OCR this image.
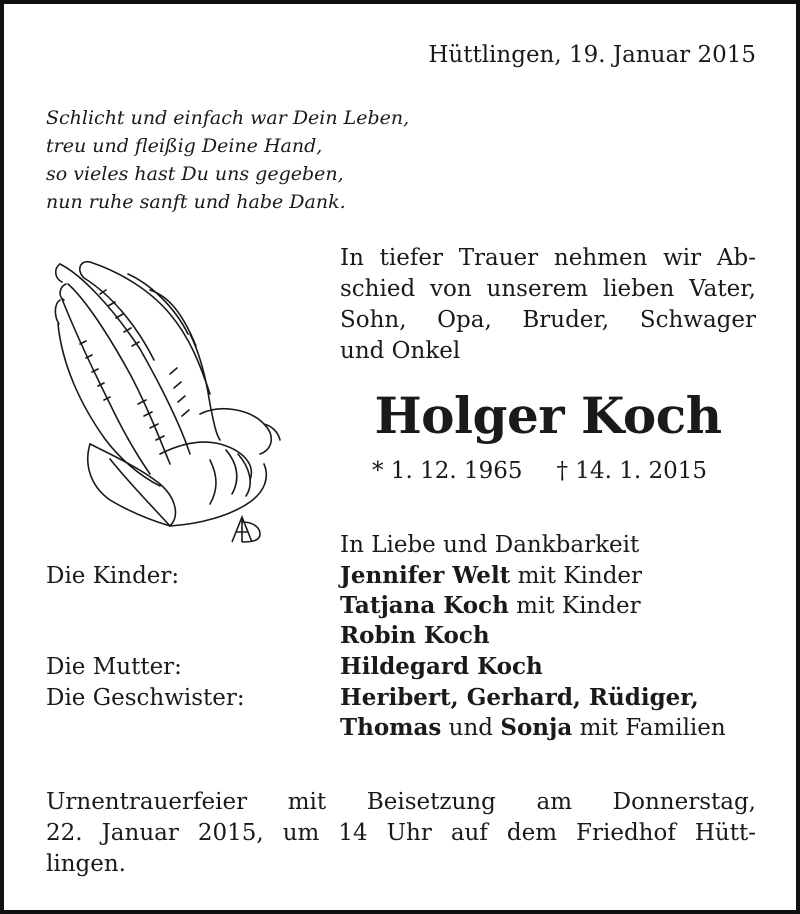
Hüttlingen, 19. Januar 2015

Schlicht und einfach war Dein Leben,
treu und fleißig Deine Hand,
so vieles hast Du uns gegeben,
nun ruhe sanft und habe Dank.
In tiefer Trauer nehmen wir Ab-
schied von unserem lieben Vater,
Sohn, Opa, Bruder, Schwager
und Onkel

Holger Koch

* 1. 12. 1965 † 14. 1. 2015

In Liebe und Dankbarkeit

Die Kinder:	Jennifer Welt mit Kinder

Tatjana Koch mit Kinder

Robin Koch

Die Mutter:	Hildegard Koch

Die Geschwister:	Heribert, Gerhard, Rüdiger,

Thomas und Sonja mit Familien

Urnentrauerfeier mit Beisetzung am Donnerstag,
22. Januar 2015, um 14 Uhr auf dem Friedhof Hütt-
lingen.
